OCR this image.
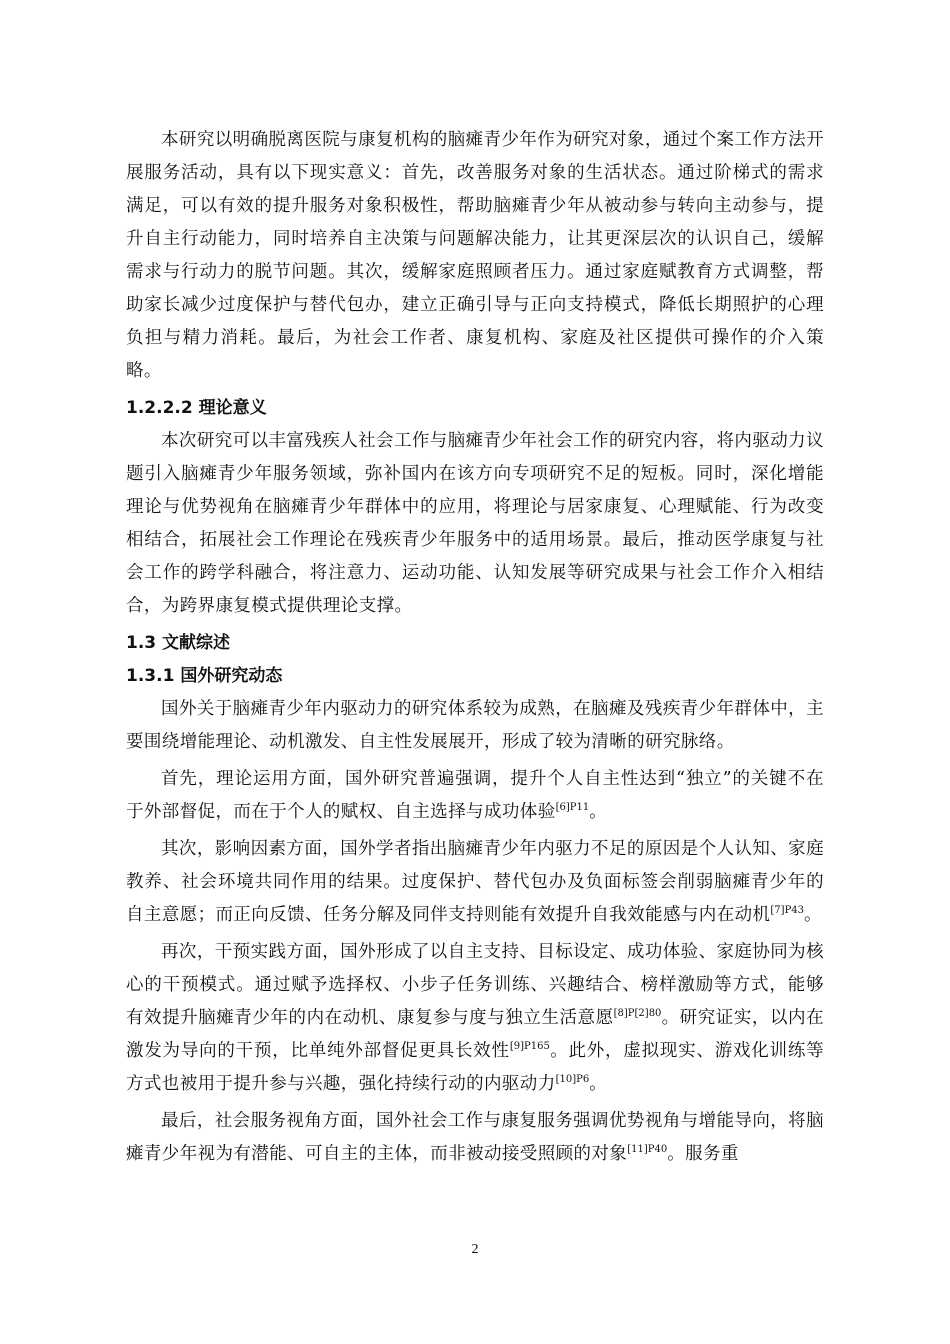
本研究以明确脱离医院与康复机构的脑瘫青少年作为研究对象，通过个案工作方法开展服务活动，具有以下现实意义：首先，改善服务对象的生活状态。通过阶梯式的需求满足，可以有效的提升服务对象积极性，帮助脑瘫青少年从被动参与转向主动参与，提升自主行动能力，同时培养自主决策与问题解决能力，让其更深层次的认识自己，缓解需求与行动力的脱节问题。其次，缓解家庭照顾者压力。通过家庭赋教育方式调整，帮助家长减少过度保护与替代包办，建立正确引导与正向支持模式，降低长期照护的心理负担与精力消耗。最后，为社会工作者、康复机构、家庭及社区提供可操作的介入策略。

1.2.2.2 理论意义

本次研究可以丰富残疾人社会工作与脑瘫青少年社会工作的研究内容，将内驱动力议题引入脑瘫青少年服务领域，弥补国内在该方向专项研究不足的短板。同时，深化增能理论与优势视角在脑瘫青少年群体中的应用，将理论与居家康复、心理赋能、行为改变相结合，拓展社会工作理论在残疾青少年服务中的适用场景。最后，推动医学康复与社会工作的跨学科融合，将注意力、运动功能、认知发展等研究成果与社会工作介入相结合，为跨界康复模式提供理论支撑。

1.3 文献综述

1.3.1 国外研究动态

国外关于脑瘫青少年内驱动力的研究体系较为成熟，在脑瘫及残疾青少年群体中，主要围绕增能理论、动机激发、自主性发展展开，形成了较为清晰的研究脉络。

首先，理论运用方面，国外研究普遍强调，提升个人自主性达到“独立”的关键不在于外部督促，而在于个人的赋权、自主选择与成功体验$^{[6]P11}$。

其次，影响因素方面，国外学者指出脑瘫青少年内驱力不足的原因是个人认知、家庭教养、社会环境共同作用的结果。过度保护、替代包办及负面标签会削弱脑瘫青少年的自主意愿；而正向反馈、任务分解及同伴支持则能有效提升自我效能感与内在动机$^{[7]P43}$。

再次，干预实践方面，国外形成了以自主支持、目标设定、成功体验、家庭协同为核心的干预模式。通过赋予选择权、小步子任务训练、兴趣结合、榜样激励等方式，能够有效提升脑瘫青少年的内在动机、康复参与度与独立生活意愿$^{[8]P[2]80}$。研究证实，以内在激发为导向的干预，比单纯外部督促更具长效性$^{[9]P165}$。此外，虚拟现实、游戏化训练等方式也被用于提升参与兴趣，强化持续行动的内驱动力$^{[10]P6}$。

最后，社会服务视角方面，国外社会工作与康复服务强调优势视角与增能导向，将脑瘫青少年视为有潜能、可自主的主体，而非被动接受照顾的对象$^{[11]P40}$。服务重

2
